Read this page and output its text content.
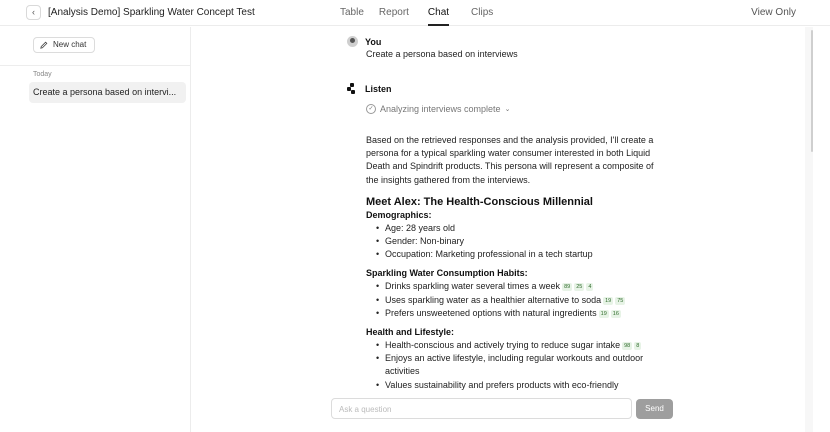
‹	[Analysis Demo] Sparkling Water Concept Test	Table Report Chat Clips	View Only
New chat
Today
Create a persona based on intervi...
You
Create a persona based on interviews
Listen
✓ Analyzing interviews complete ⌄

Based on the retrieved responses and the analysis provided, I'll create a persona for a typical sparkling water consumer interested in both Liquid Death and Spindrift products. This persona will represent a composite of the insights gathered from the interviews.

Meet Alex: The Health-Conscious Millennial
Demographics:
• Age: 28 years old
• Gender: Non-binary
• Occupation: Marketing professional in a tech startup
Sparkling Water Consumption Habits:
• Drinks sparkling water several times a week 89 25 4
• Uses sparkling water as a healthier alternative to soda 19 75
• Prefers unsweetened options with natural ingredients 19 16
Health and Lifestyle:
• Health-conscious and actively trying to reduce sugar intake 98 8
• Enjoys an active lifestyle, including regular workouts and outdoor activities
• Values sustainability and prefers products with eco-friendly
Ask a question
Send
